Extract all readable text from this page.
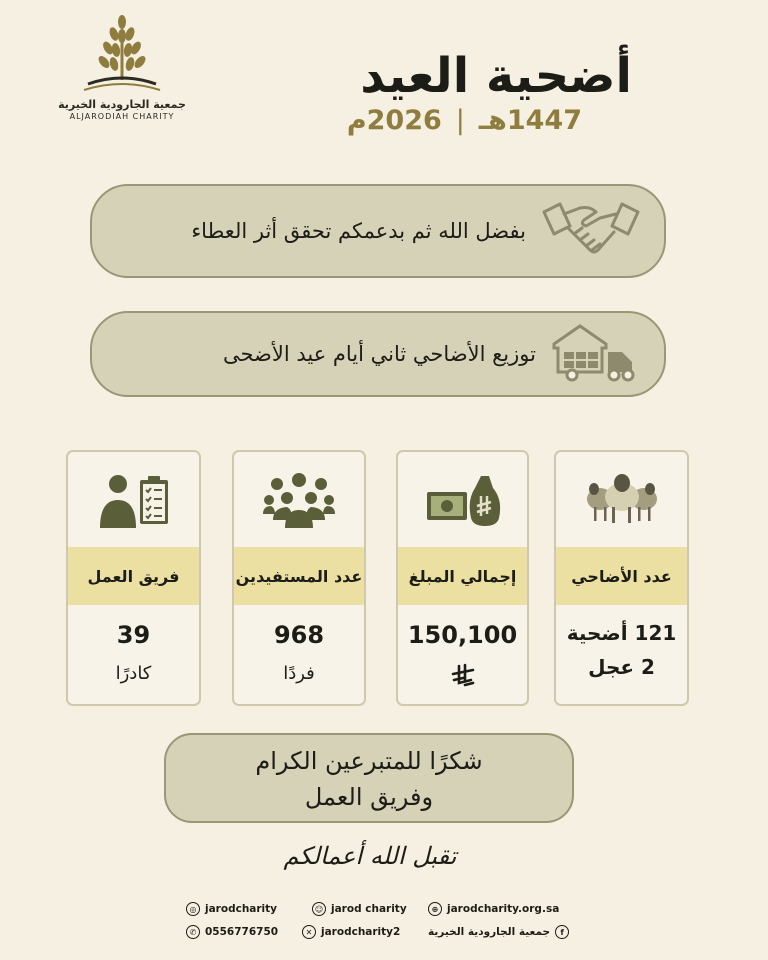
جمعية الجارودية الخيرية
ALJARODIAH CHARITY
أضحية العيد
1447هـ
|
2026م
بفضل الله ثم بدعمكم تحقق أثر العطاء
توزيع الأضاحي ثاني أيام عيد الأضحى
عدد الأضاحي
121 أضحية
2 عجل
إجمالي المبلغ
150,100
عدد المستفيدين
968
فردًا
فريق العمل
39
كادرًا
شكرًا للمتبرعين الكرام
وفريق العمل
تقبل الله أعمالكم
◎ jarodcharity	☺ jarod charity	⊕ jarodcharity.org.sa
✆ 0556776750	✕ jarodcharity2	f
جمعية الجارودية الخيرية
